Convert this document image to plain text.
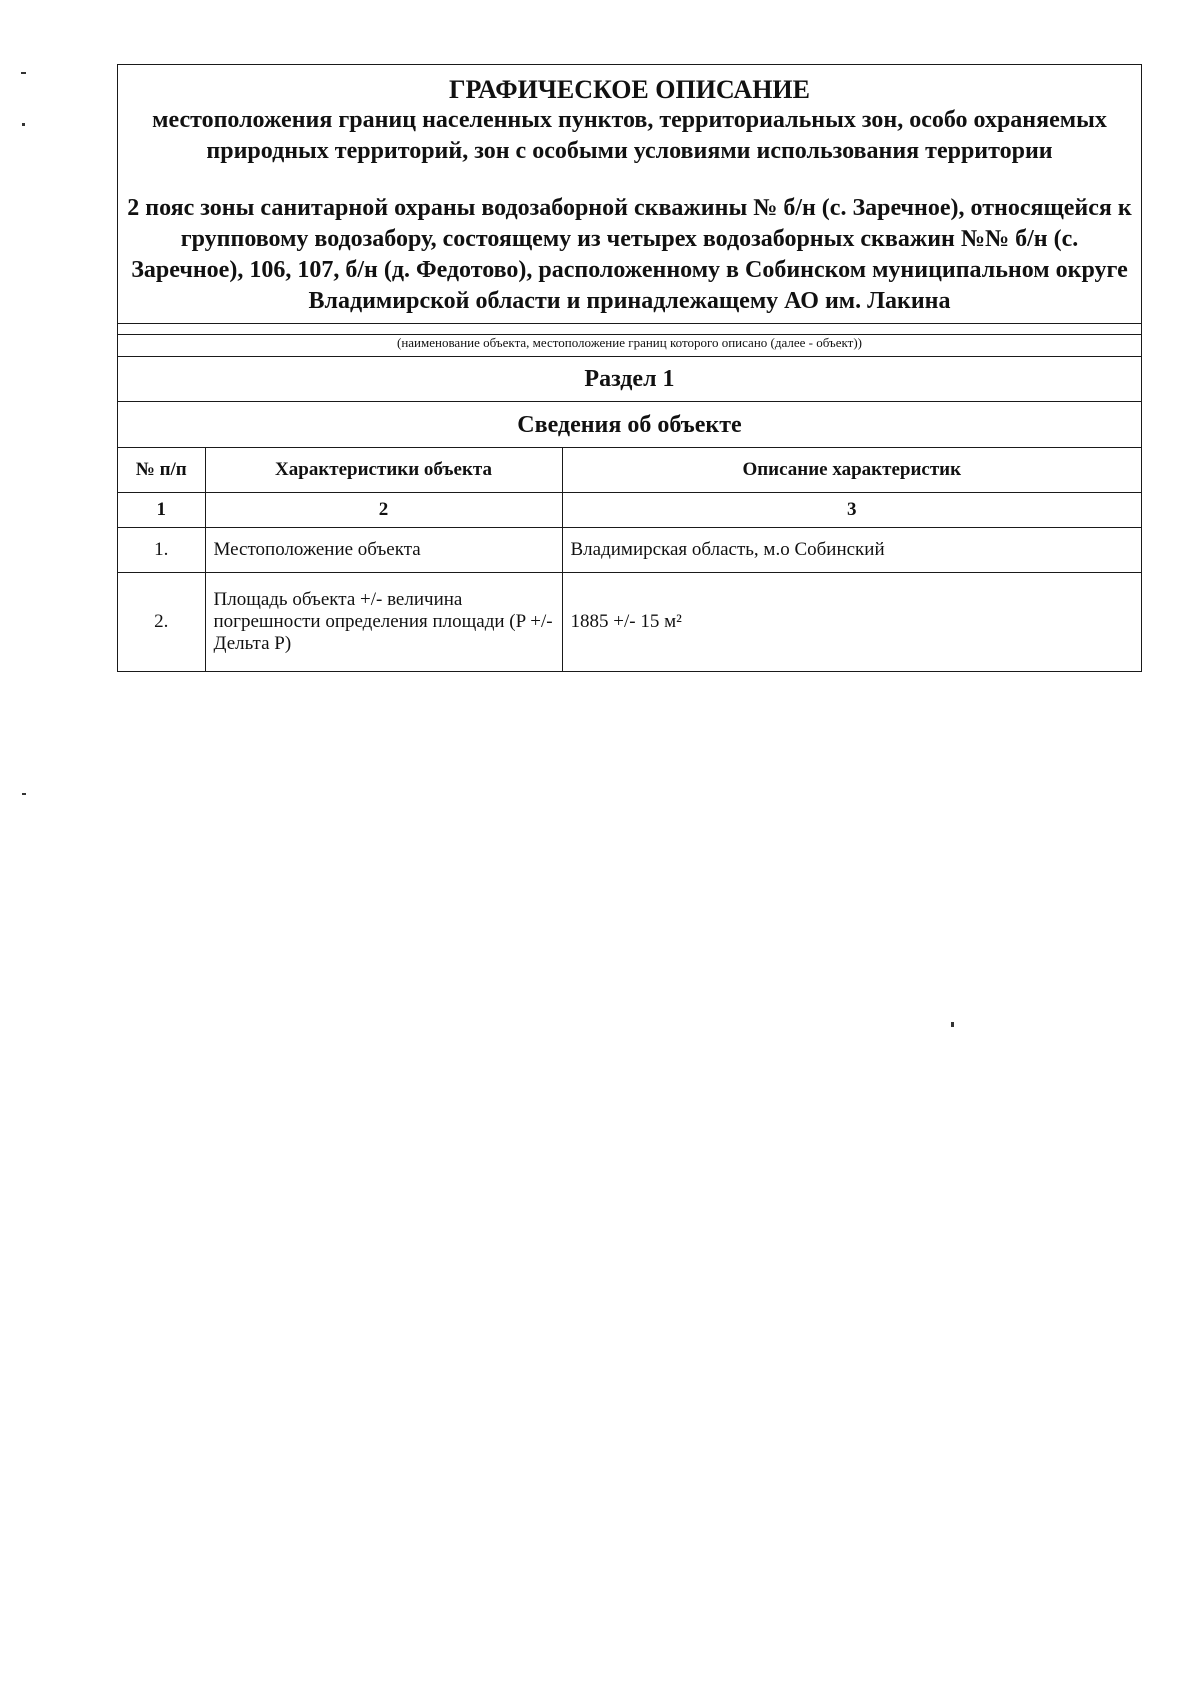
ГРАФИЧЕСКОЕ ОПИСАНИЕ

местоположения границ населенных пунктов, территориальных зон, особо охраняемых природных территорий, зон с особыми условиями использования территории

2 пояс зоны санитарной охраны водозаборной скважины № б/н (с. Заречное), относящейся к групповому водозабору, состоящему из четырех водозаборных скважин №№ б/н (с. Заречное), 106, 107, б/н (д. Федотово), расположенному в Собинском муниципальном округе Владимирской области и принадлежащему АО им. Лакина

(наименование объекта, местоположение границ которого описано (далее - объект))
Раздел 1
Сведения об объекте
№ п/п	Характеристики объекта	Описание характеристик
1	2	3
1.	Местоположение объекта	Владимирская область, м.о Собинский
2.	Площадь объекта +/- величина погрешности определения площади (P +/- Дельта P)	1885 +/- 15 м²
